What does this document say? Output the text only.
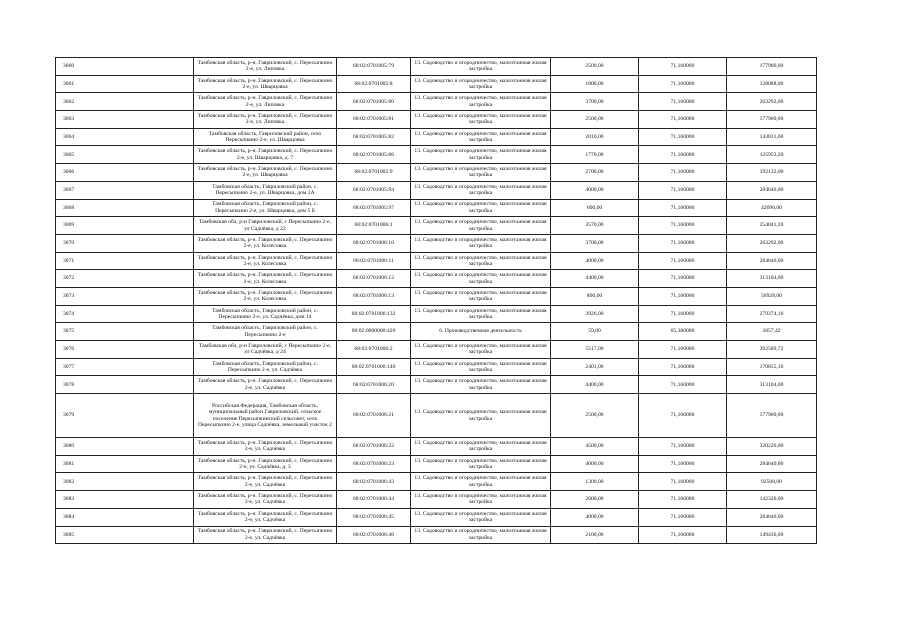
3060	Тамбовская область, р-н. Гавриловский, с. Пересыпкино 2-е, ул. Липовка	68:02:0701005:79	13. Садоводство и огородничество, малоэтажная жилая застройка	2500,00	71,160000	177900,00
3061	Тамбовская область, р-н. Гавриловский, с. Пересыпкино 2-е, ул. Шварцовка	68:02:0701005:8	13. Садоводство и огородничество, малоэтажная жилая застройка	1800,00	71,160000	128088,00
3062	Тамбовская область, р-н. Гавриловский, с. Пересыпкино 2-е, ул. Липовка	68:02:0701005:80	13. Садоводство и огородничество, малоэтажная жилая застройка	3700,00	71,160000	263292,00
3063	Тамбовская область, р-н. Гавриловский, с. Пересыпкино 2-е, ул. Липовка	68:02:0701005:81	13. Садоводство и огородничество, малоэтажная жилая застройка	2500,00	71,160000	177900,00
3064	Тамбовская область, Гавриловский район, село Пересыпкино 2-е, ул. Шварцовка	68:02:0701005:82	13. Садоводство и огородничество, малоэтажная жилая застройка	2010,00	71,160000	143031,60
3065	Тамбовская область, р-н. Гавриловский, с. Пересыпкино 2-е, ул. Шварцовка, д. 7	68:02:0701005:86	13. Садоводство и огородничество, малоэтажная жилая застройка	1770,00	71,160000	125953,20
3066	Тамбовская область, р-н. Гавриловский, с. Пересыпкино 2-е, ул. Шварцовка	68:02:0701005:9	13. Садоводство и огородничество, малоэтажная жилая застройка	2700,00	71,160000	192132,00
3067	Тамбовская область, Гавриловский район, с. Пересыпкино 2-е, ул. Шварцовка, дом 2А	68:02:0701005:94	13. Садоводство и огородничество, малоэтажная жилая застройка	4000,00	71,160000	284640,00
3068	Тамбовская область, Гавриловский район, с. Пересыпкино 2-е, ул. Шварцовка, дом 5 Б	68:02:0701005:97	13. Садоводство и огородничество, малоэтажная жилая застройка	600,00	71,160000	42696,00
3069	Тамбовская обл, р-н Гавриловский, с Пересыпкино 2-е, ул Садчёвка, д 22	68:02:0701006:1	13. Садоводство и огородничество, малоэтажная жилая застройка	3570,00	71,160000	254041,20
3070	Тамбовская область, р-н. Гавриловский, с. Пересыпкино 2-е, ул. Колесовка	68:02:0701006:10	13. Садоводство и огородничество, малоэтажная жилая застройка	3700,00	71,160000	263292,00
3071	Тамбовская область, р-н. Гавриловский, с. Пересыпкино 2-е, ул. Колесовка	68:02:0701006:11	13. Садоводство и огородничество, малоэтажная жилая застройка	4000,00	71,160000	284640,00
3072	Тамбовская область, р-н. Гавриловский, с. Пересыпкино 2-е, ул. Колесовка	68:02:0701006:12	13. Садоводство и огородничество, малоэтажная жилая застройка	4400,00	71,160000	313104,00
3073	Тамбовская область, р-н. Гавриловский, с. Пересыпкино 2-е, ул. Колесовка	68:02:0701006:13	13. Садоводство и огородничество, малоэтажная жилая застройка	800,00	71,160000	56928,00
3074	Тамбовская область, Гавриловский район, с. Пересыпкино 2-е, ул. Садчёвка, дом 14	68:02:0701006:132	13. Садоводство и огородничество, малоэтажная жилая застройка	3926,00	71,160000	279374,16
3075	Тамбовская область, Гавриловский район, с. Пересыпкино 2-е	68:02:0000000:420	6. Производственная деятельность	59,00	65,380000	3857,42
3076	Тамбовская обл, р-н Гавриловский, с Пересыпкино 2-е, ул Садчёвка, д 24	68:02:0701006:2	13. Садоводство и огородничество, малоэтажная жилая застройка	5517,00	71,160000	392589,72
3077	Тамбовская область, Гавриловский район, с. Пересыпкино 2-е, ул. Садчёвка	68:02:0701006:140	13. Садоводство и огородничество, малоэтажная жилая застройка	2401,00	71,160000	170855,16
3078	Тамбовская область, р-н. Гавриловский, с. Пересыпкино 2-е, ул. Садчёвка	68:02:0701006:20	13. Садоводство и огородничество, малоэтажная жилая застройка	4400,00	71,160000	313104,00
3079	Российская Федерация, Тамбовская область, муниципальный район Гавриловский, сельское поселение Пересыпкинский сельсовет, село Пересыпкино 2-е, улица Садчёвка, земельный участок 2	68:02:0701006:21	13. Садоводство и огородничество, малоэтажная жилая застройка	2500,00	71,160000	177900,00
3080	Тамбовская область, р-н. Гавриловский, с. Пересыпкино 2-е, ул. Садчёвка	68:02:0701006:22	13. Садоводство и огородничество, малоэтажная жилая застройка	4500,00	71,160000	320220,00
3081	Тамбовская область, р-н. Гавриловский, с. Пересыпкино 2-е, ул. Садчёвка, д. 3	68:02:0701006:23	13. Садоводство и огородничество, малоэтажная жилая застройка	4000,00	71,160000	284640,00
3082	Тамбовская область, р-н. Гавриловский, с. Пересыпкино 2-е, ул. Садчёвка	68:02:0701006:43	13. Садоводство и огородничество, малоэтажная жилая застройка	1300,00	71,160000	92508,00
3083	Тамбовская область, р-н. Гавриловский, с. Пересыпкино 2-е, ул. Садчёвка	68:02:0701006:44	13. Садоводство и огородничество, малоэтажная жилая застройка	2000,00	71,160000	142320,00
3084	Тамбовская область, р-н. Гавриловский, с. Пересыпкино 2-е, ул. Садчёвка	68:02:0701006:45	13. Садоводство и огородничество, малоэтажная жилая застройка	4000,00	71,160000	284640,00
3085	Тамбовская область, р-н. Гавриловский, с. Пересыпкино 2-е, ул. Садчёвка	68:02:0701006:46	13. Садоводство и огородничество, малоэтажная жилая застройка	2100,00	71,160000	149436,00
